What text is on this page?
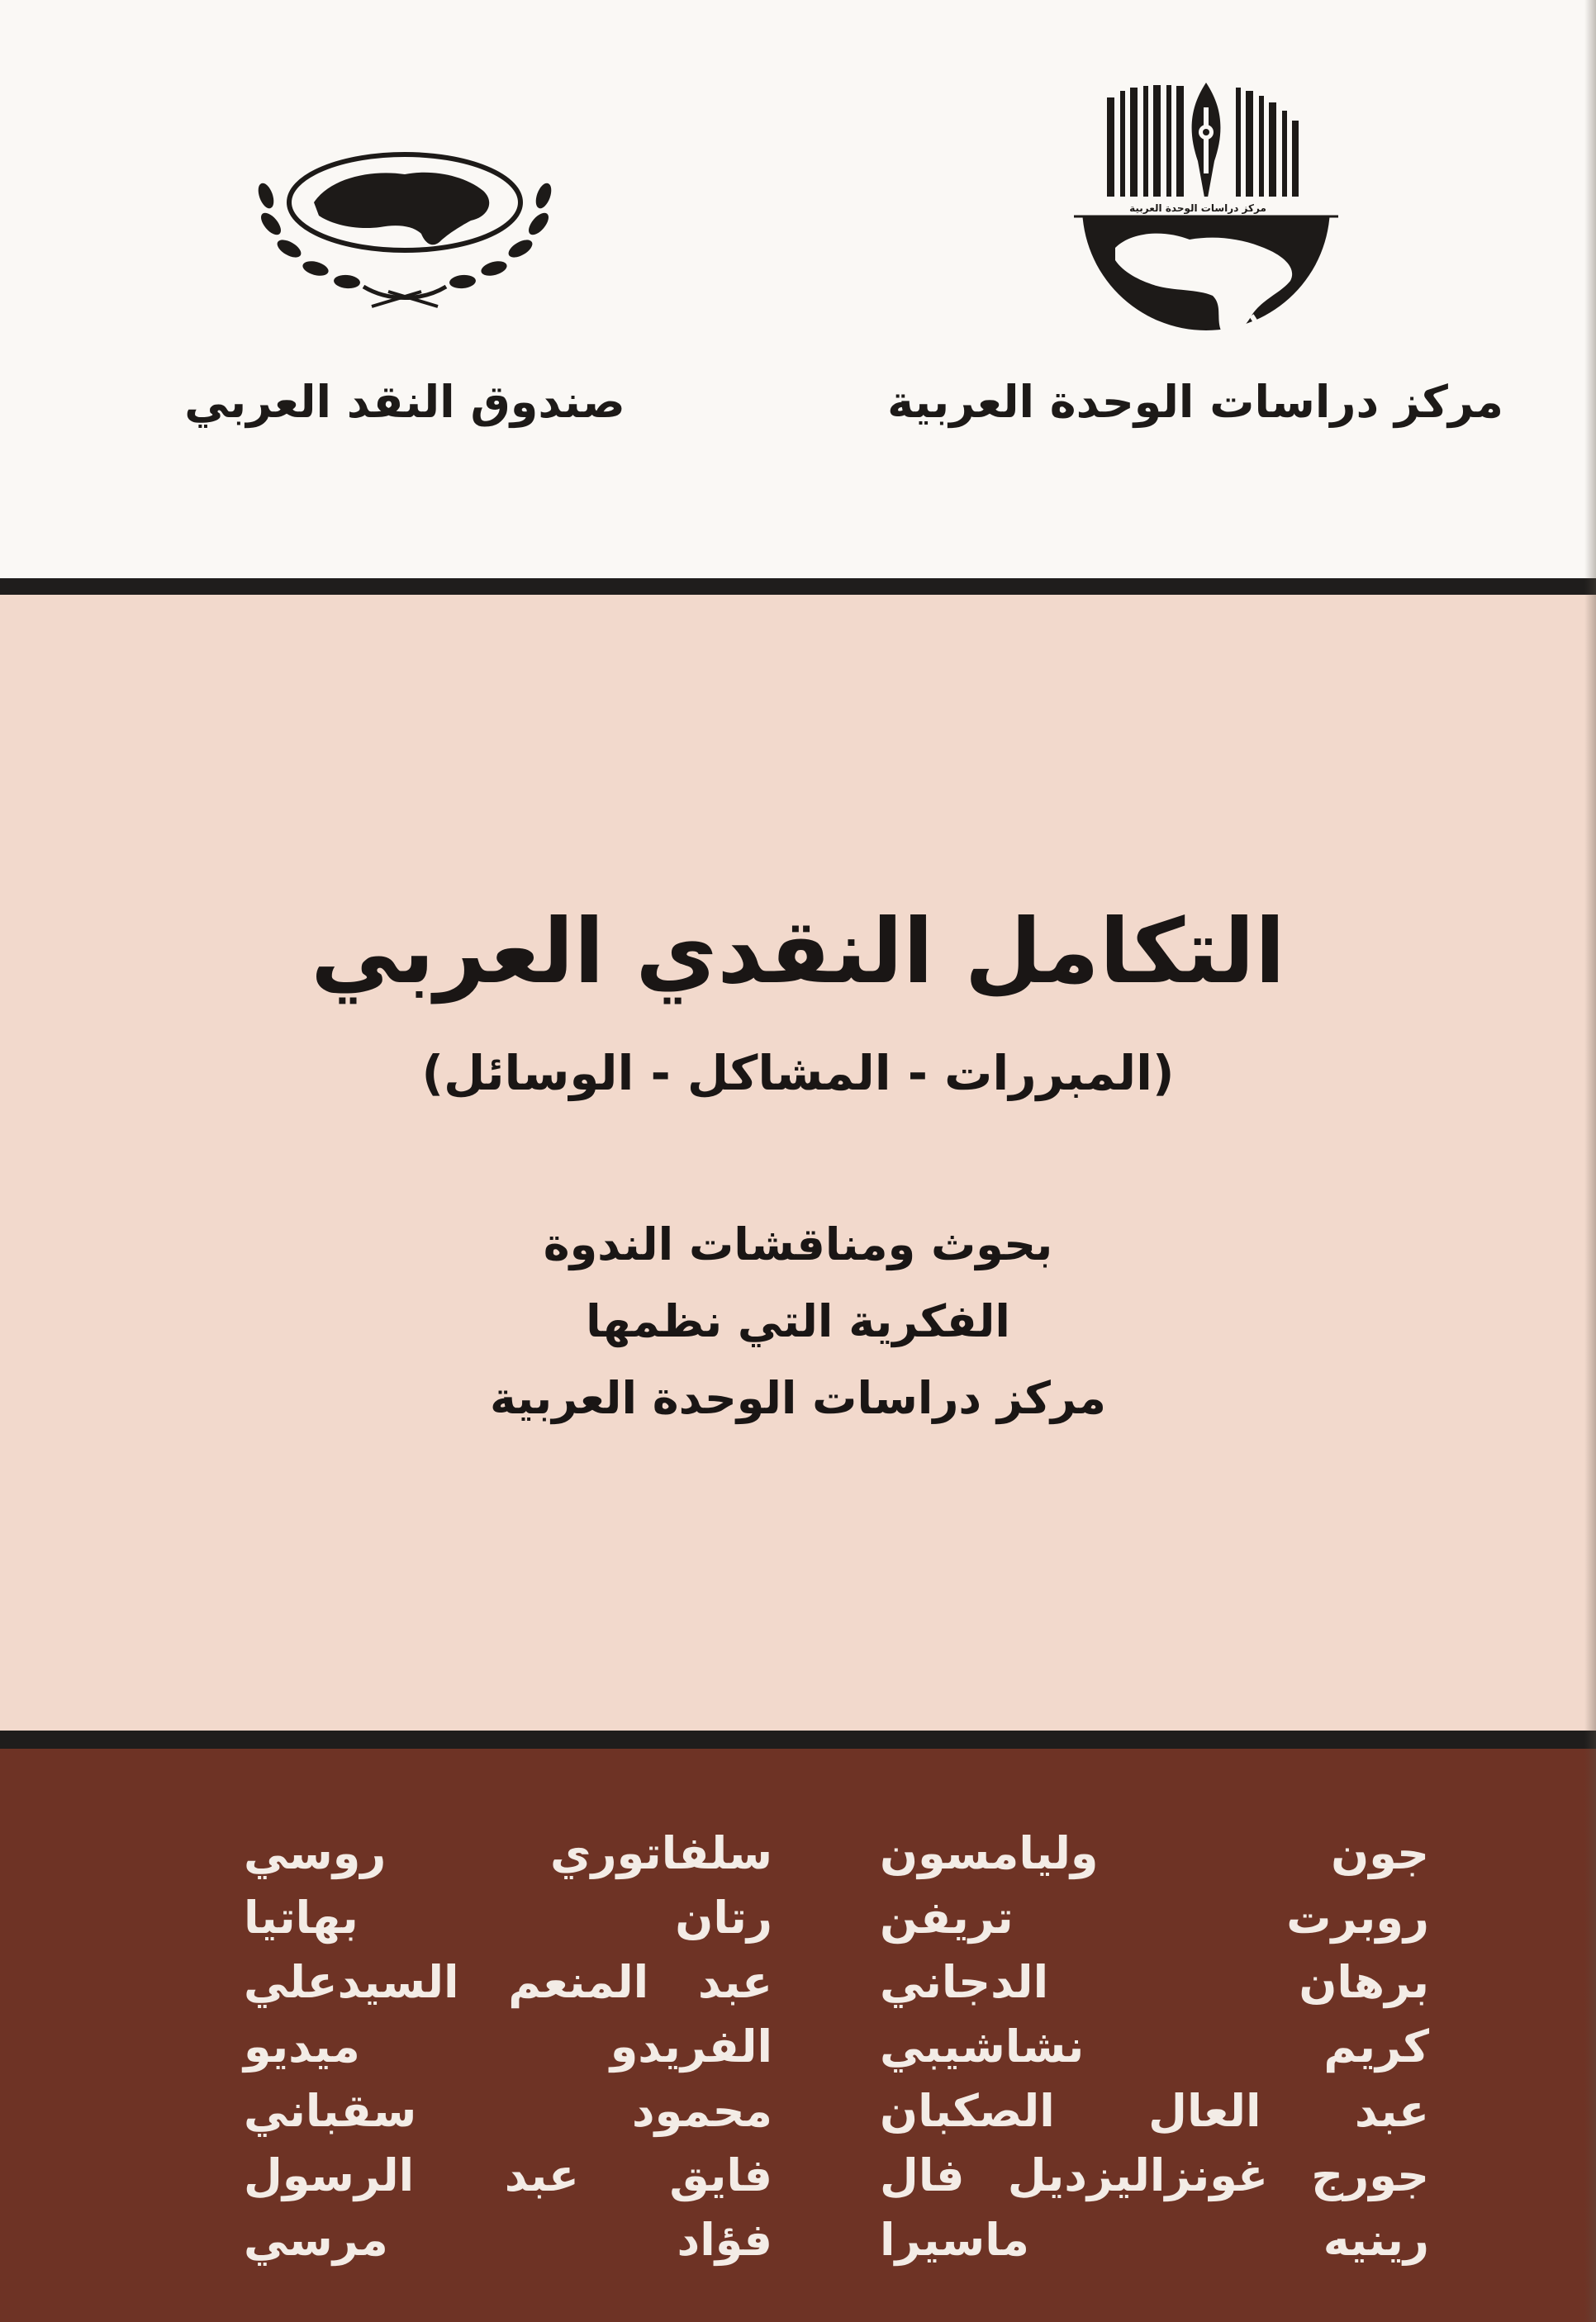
مركز دراسات الوحدة العربية
مركز دراسات الوحدة العربية
صندوق النقد العربي
التكامل النقدي العربي
(المبررات - المشاكل - الوسائل)
بحوث ومناقشات الندوة
الفكرية التي نظمها
مركز دراسات الوحدة العربية
جون وليامسون
روبرت تريفن
برهان الدجاني
كريم نشاشيبي
عبد العال الصكبان
جورج غونزاليزديل فال
رينيه ماسيرا
سلفاتوري روسي
رتان بهاتيا
عبد المنعم السيدعلي
الفريدو ميديو
محمود سقباني
فايق عبد الرسول
فؤاد مرسي
